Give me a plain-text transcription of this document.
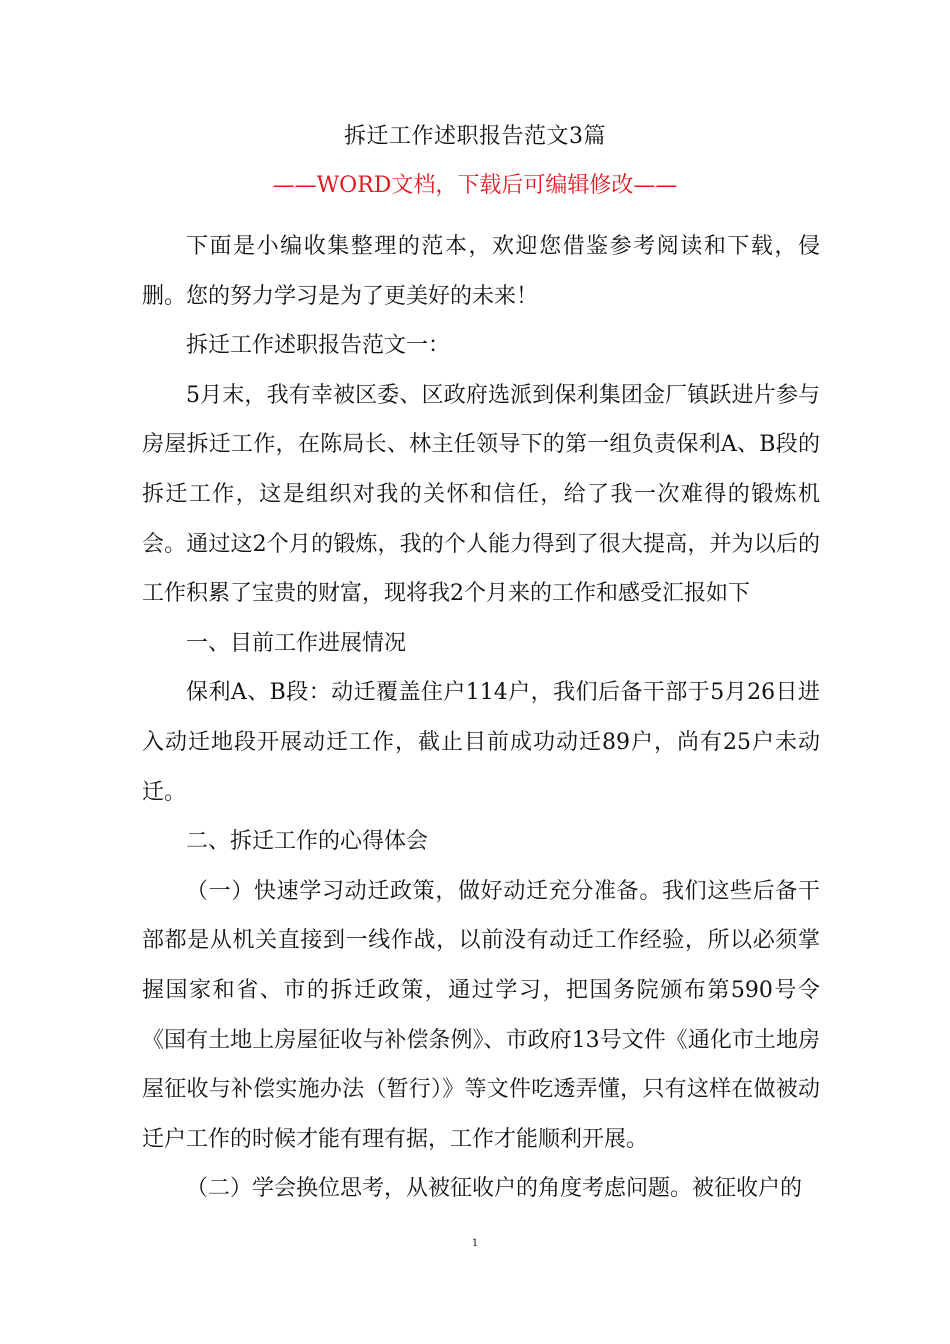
拆迁工作述职报告范文3篇
——WORD文档，下载后可编辑修改——

下面是小编收集整理的范本，欢迎您借鉴参考阅读和下载，侵删。您的努力学习是为了更美好的未来！

拆迁工作述职报告范文一：

5月末，我有幸被区委、区政府选派到保利集团金厂镇跃进片参与房屋拆迁工作，在陈局长、林主任领导下的第一组负责保利A、B段的拆迁工作，这是组织对我的关怀和信任，给了我一次难得的锻炼机会。通过这2个月的锻炼，我的个人能力得到了很大提高，并为以后的工作积累了宝贵的财富，现将我2个月来的工作和感受汇报如下

一、目前工作进展情况

保利A、B段：动迁覆盖住户114户，我们后备干部于5月26日进入动迁地段开展动迁工作，截止目前成功动迁89户，尚有25户未动迁。

二、拆迁工作的心得体会

（一）快速学习动迁政策，做好动迁充分准备。我们这些后备干部都是从机关直接到一线作战，以前没有动迁工作经验，所以必须掌握国家和省、市的拆迁政策，通过学习，把国务院颁布第590号令《国有土地上房屋征收与补偿条例》、市政府13号文件《通化市土地房屋征收与补偿实施办法（暂行）》等文件吃透弄懂，只有这样在做被动迁户工作的时候才能有理有据，工作才能顺利开展。

（二）学会换位思考，从被征收户的角度考虑问题。被征收户的

1
